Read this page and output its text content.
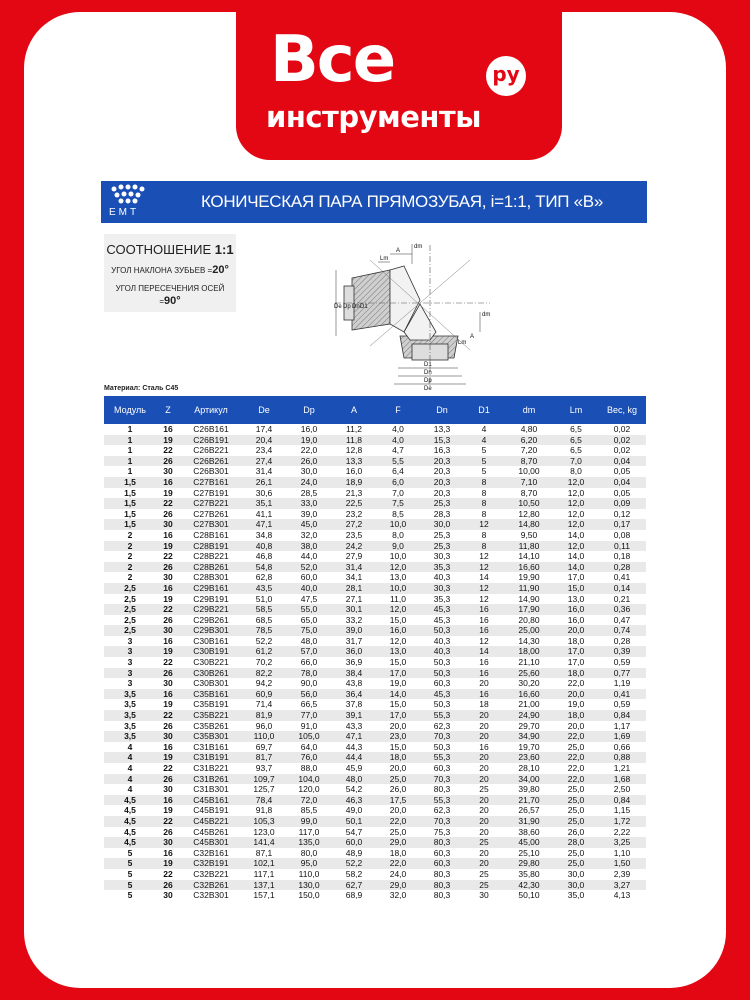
Все	ру
инструменты
EMT
КОНИЧЕСКАЯ ПАРА ПРЯМОЗУБАЯ, i=1:1, ТИП «В»
СООТНОШЕНИЕ 1:1
УГОЛ НАКЛОНА ЗУБЬЕВ =20°
УГОЛ ПЕРЕСЕЧЕНИЯ ОСЕЙ =90°
dm
A
Lm
De Dp Dn D1
dm
A
Lm
D1
Dn
Dp
De
Материал: Сталь С45
Модуль	Z	Артикул	De	Dp	A	F	Dn	D1	dm	Lm	Вес, kg
1	16	C26B161	17,4	16,0	11,2	4,0	13,3	4	4,80	6,5	0,02
1	19	C26B191	20,4	19,0	11,8	4,0	15,3	4	6,20	6,5	0,02
1	22	C26B221	23,4	22,0	12,8	4,7	16,3	5	7,20	6,5	0,02
1	26	C26B261	27,4	26,0	13,3	5,5	20,3	5	8,70	7,0	0,04
1	30	C26B301	31,4	30,0	16,0	6,4	20,3	5	10,00	8,0	0,05
1,5	16	C27B161	26,1	24,0	18,9	6,0	20,3	8	7,10	12,0	0,04
1,5	19	C27B191	30,6	28,5	21,3	7,0	20,3	8	8,70	12,0	0,05
1,5	22	C27B221	35,1	33,0	22,5	7,5	25,3	8	10,50	12,0	0,09
1,5	26	C27B261	41,1	39,0	23,2	8,5	28,3	8	12,80	12,0	0,12
1,5	30	C27B301	47,1	45,0	27,2	10,0	30,0	12	14,80	12,0	0,17
2	16	C28B161	34,8	32,0	23,5	8,0	25,3	8	9,50	14,0	0,08
2	19	C28B191	40,8	38,0	24,2	9,0	25,3	8	11,80	12,0	0,11
2	22	C28B221	46,8	44,0	27,9	10,0	30,3	12	14,10	14,0	0,18
2	26	C28B261	54,8	52,0	31,4	12,0	35,3	12	16,60	14,0	0,28
2	30	C28B301	62,8	60,0	34,1	13,0	40,3	14	19,90	17,0	0,41
2,5	16	C29B161	43,5	40,0	28,1	10,0	30,3	12	11,90	15,0	0,14
2,5	19	C29B191	51,0	47,5	27,1	11,0	35,3	12	14,90	13,0	0,21
2,5	22	C29B221	58,5	55,0	30,1	12,0	45,3	16	17,90	16,0	0,36
2,5	26	C29B261	68,5	65,0	33,2	15,0	45,3	16	20,80	16,0	0,47
2,5	30	C29B301	78,5	75,0	39,0	16,0	50,3	16	25,00	20,0	0,74
3	16	C30B161	52,2	48,0	31,7	12,0	40,3	12	14,30	18,0	0,28
3	19	C30B191	61,2	57,0	36,0	13,0	40,3	14	18,00	17,0	0,39
3	22	C30B221	70,2	66,0	36,9	15,0	50,3	16	21,10	17,0	0,59
3	26	C30B261	82,2	78,0	38,4	17,0	50,3	16	25,60	18,0	0,77
3	30	C30B301	94,2	90,0	43,8	19,0	60,3	20	30,20	22,0	1,19
3,5	16	C35B161	60,9	56,0	36,4	14,0	45,3	16	16,60	20,0	0,41
3,5	19	C35B191	71,4	66,5	37,8	15,0	50,3	18	21,00	19,0	0,59
3,5	22	C35B221	81,9	77,0	39,1	17,0	55,3	20	24,90	18,0	0,84
3,5	26	C35B261	96,0	91,0	43,3	20,0	62,3	20	29,70	20,0	1,17
3,5	30	C35B301	110,0	105,0	47,1	23,0	70,3	20	34,90	22,0	1,69
4	16	C31B161	69,7	64,0	44,3	15,0	50,3	16	19,70	25,0	0,66
4	19	C31B191	81,7	76,0	44,4	18,0	55,3	20	23,60	22,0	0,88
4	22	C31B221	93,7	88,0	45,9	20,0	60,3	20	28,10	22,0	1,21
4	26	C31B261	109,7	104,0	48,0	25,0	70,3	20	34,00	22,0	1,68
4	30	C31B301	125,7	120,0	54,2	26,0	80,3	25	39,80	25,0	2,50
4,5	16	C45B161	78,4	72,0	46,3	17,5	55,3	20	21,70	25,0	0,84
4,5	19	C45B191	91,8	85,5	49,0	20,0	62,3	20	26,57	25,0	1,15
4,5	22	C45B221	105,3	99,0	50,1	22,0	70,3	20	31,90	25,0	1,72
4,5	26	C45B261	123,0	117,0	54,7	25,0	75,3	20	38,60	26,0	2,22
4,5	30	C45B301	141,4	135,0	60,0	29,0	80,3	25	45,00	28,0	3,25
5	16	C32B161	87,1	80,0	48,9	18,0	60,3	20	25,10	25,0	1,10
5	19	C32B191	102,1	95,0	52,2	22,0	60,3	20	29,80	25,0	1,50
5	22	C32B221	117,1	110,0	58,2	24,0	80,3	25	35,80	30,0	2,39
5	26	C32B261	137,1	130,0	62,7	29,0	80,3	25	42,30	30,0	3,27
5	30	C32B301	157,1	150,0	68,9	32,0	80,3	30	50,10	35,0	4,13
